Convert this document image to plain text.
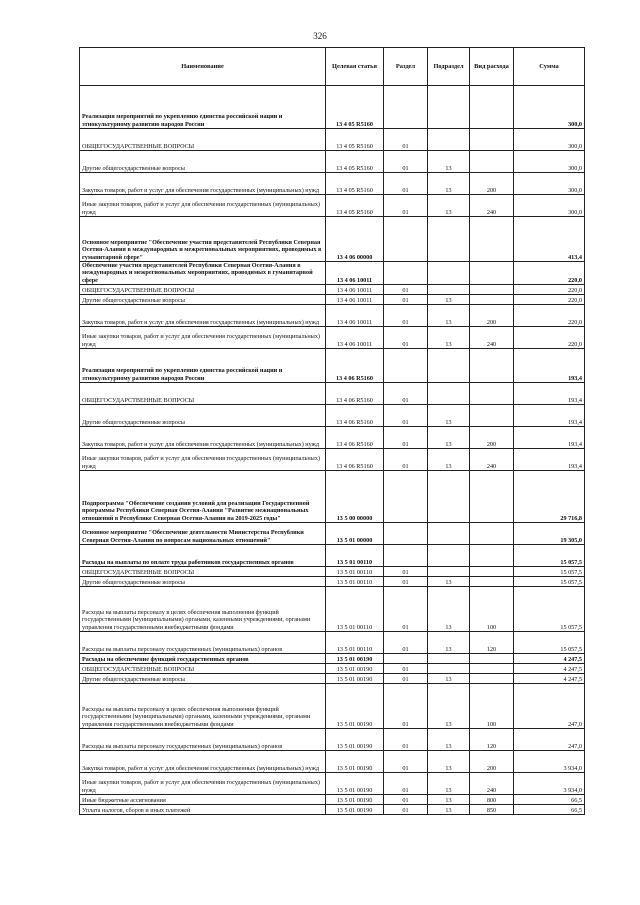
326
Наименование	Целевая статья	Раздел	Подраздел	Вид расхода	Сумма
Реализация мероприятий по укреплению единства российской нации и этнокультурному развитию народов России	13 4 05 R5160				300,0
ОБЩЕГОСУДАРСТВЕННЫЕ ВОПРОСЫ	13 4 05 R5160	01			300,0
Другие общегосударственные вопросы	13 4 05 R5160	01	13		300,0
Закупка товаров, работ и услуг для обеспечения государственных (муниципальных) нужд	13 4 05 R5160	01	13	200	300,0
Иные закупки товаров, работ и услуг для обеспечения государственных (муниципальных) нужд	13 4 05 R5160	01	13	240	300,0
Основное мероприятие "Обеспечение участия представителей Республики Северная Осетия-Алания в международных и межрегиональных мероприятиях, проводимых в гуманитарной сфере"	13 4 06 00000				413,4
Обеспечение участия представителей Республики Северная Осетия-Алания в международных и межрегиональных мероприятиях, проводимых в гуманитарной сфере	13 4 06 10011				220,0
ОБЩЕГОСУДАРСТВЕННЫЕ ВОПРОСЫ	13 4 06 10011	01			220,0
Другие общегосударственные вопросы	13 4 06 10011	01	13		220,0
Закупка товаров, работ и услуг для обеспечения государственных (муниципальных) нужд	13 4 06 10011	01	13	200	220,0
Иные закупки товаров, работ и услуг для обеспечения государственных (муниципальных) нужд	13 4 06 10011	01	13	240	220,0
Реализация мероприятий по укреплению единства российской нации и этнокультурному развитию народов России	13 4 06 R5160				193,4
ОБЩЕГОСУДАРСТВЕННЫЕ ВОПРОСЫ	13 4 06 R5160	01			193,4
Другие общегосударственные вопросы	13 4 06 R5160	01	13		193,4
Закупка товаров, работ и услуг для обеспечения государственных (муниципальных) нужд	13 4 06 R5160	01	13	200	193,4
Иные закупки товаров, работ и услуг для обеспечения государственных (муниципальных) нужд	13 4 06 R5160	01	13	240	193,4
Подпрограмма "Обеспечение создания условий для реализации Государственной программы Республики Северная Осетия-Алания "Развитие межнациональных отношений в Республике Северная Осетия-Алания на 2019-2025 годы"	13 5 00 00000				29 716,8
Основное мероприятие "Обеспечение деятельности Министерства Республики Северная Осетия-Алания по вопросам национальных отношений"	13 5 01 00000				19 305,0
Расходы на выплаты по оплате труда работников государственных органов	13 5 01 00110				15 057,5
ОБЩЕГОСУДАРСТВЕННЫЕ ВОПРОСЫ	13 5 01 00110	01			15 057,5
Другие общегосударственные вопросы	13 5 01 00110	01	13		15 057,5
Расходы на выплаты персоналу в целях обеспечения выполнения функций государственными (муниципальными) органами, казенными учреждениями, органами управления государственными внебюджетными фондами	13 5 01 00110	01	13	100	15 057,5
Расходы на выплаты персоналу государственных (муниципальных) органов	13 5 01 00110	01	13	120	15 057,5
Расходы на обеспечение функций государственных органов	13 5 01 00190				4 247,5
ОБЩЕГОСУДАРСТВЕННЫЕ ВОПРОСЫ	13 5 01 00190	01			4 247,5
Другие общегосударственные вопросы	13 5 01 00190	01	13		4 247,5
Расходы на выплаты персоналу в целях обеспечения выполнения функций государственными (муниципальными) органами, казенными учреждениями, органами управления государственными внебюджетными фондами	13 5 01 00190	01	13	100	247,0
Расходы на выплаты персоналу государственных (муниципальных) органов	13 5 01 00190	01	13	120	247,0
Закупка товаров, работ и услуг для обеспечения государственных (муниципальных) нужд	13 5 01 00190	01	13	200	3 934,0
Иные закупки товаров, работ и услуг для обеспечения государственных (муниципальных) нужд	13 5 01 00190	01	13	240	3 934,0
Иные бюджетные ассигнования	13 5 01 00190	01	13	800	66,5
Уплата налогов, сборов и иных платежей	13 5 01 00190	01	13	850	66,5
